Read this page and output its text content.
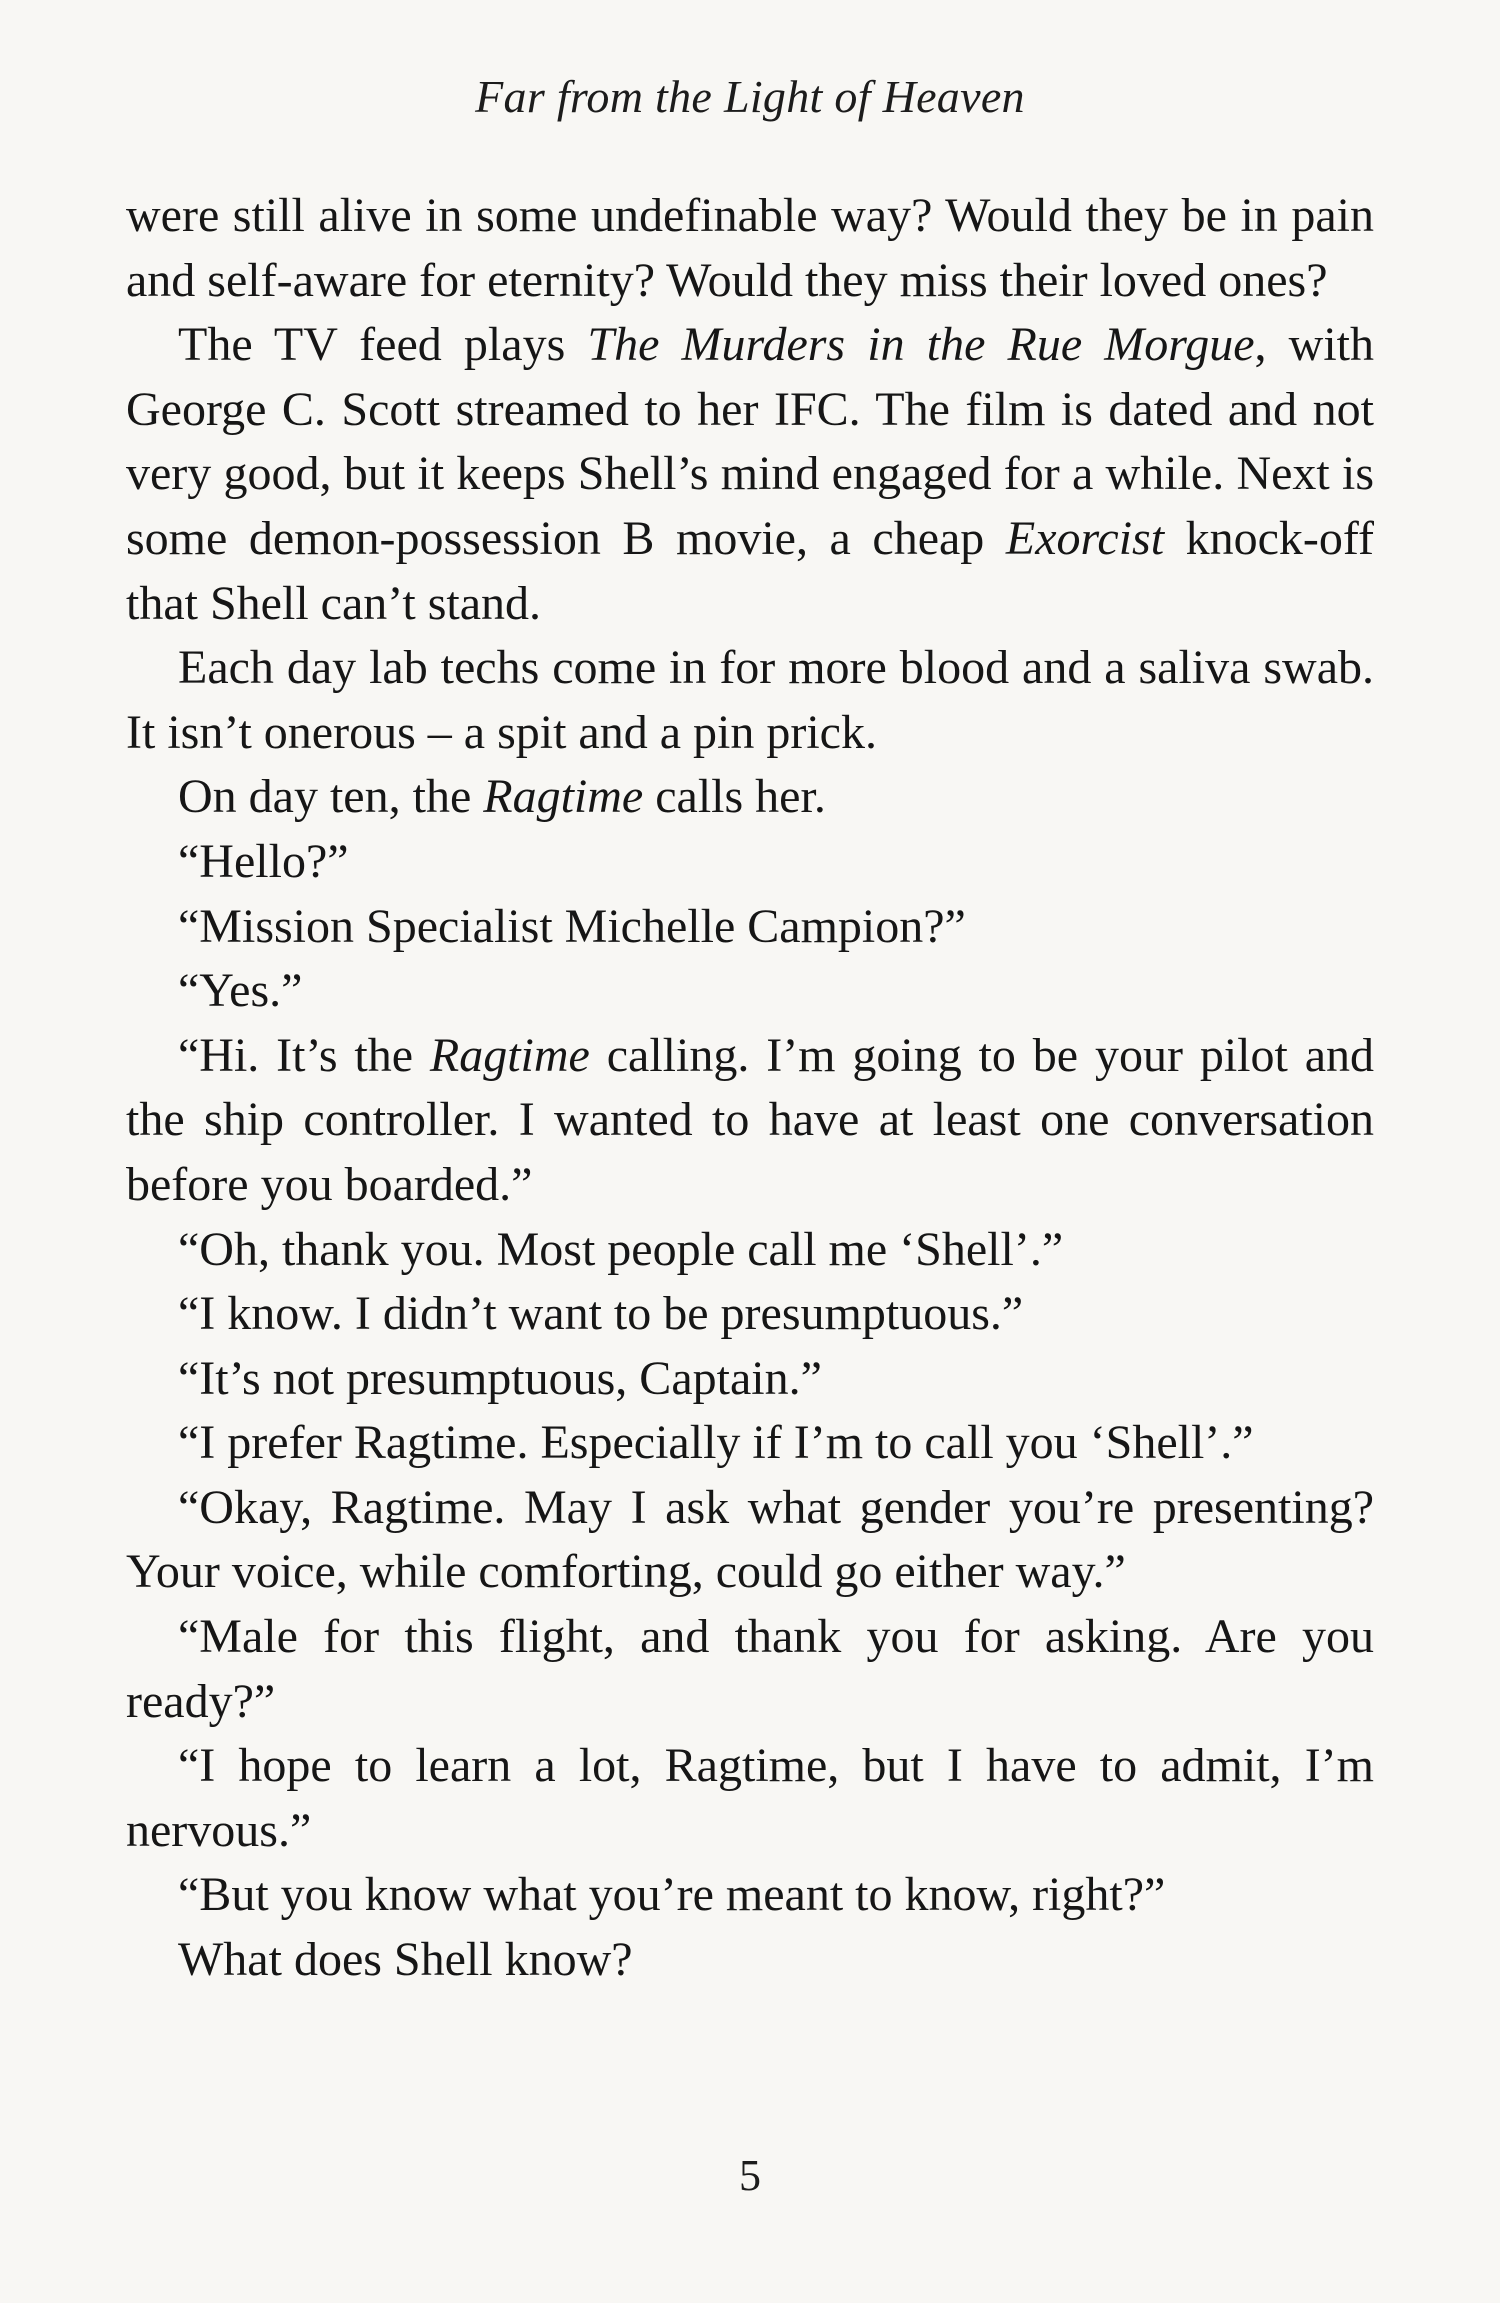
Far from the Light of Heaven

were still alive in some undefinable way? Would they be in pain and self-aware for eternity? Would they miss their loved ones?

The TV feed plays The Murders in the Rue Morgue, with George C. Scott streamed to her IFC. The film is dated and not very good, but it keeps Shell’s mind engaged for a while. Next is some demon-possession B movie, a cheap Exorcist knock-off that Shell can’t stand.

Each day lab techs come in for more blood and a saliva swab. It isn’t onerous – a spit and a pin prick.

On day ten, the Ragtime calls her.

“Hello?”

“Mission Specialist Michelle Campion?”

“Yes.”

“Hi. It’s the Ragtime calling. I’m going to be your pilot and the ship controller. I wanted to have at least one conversation before you boarded.”

“Oh, thank you. Most people call me ‘Shell’.”

“I know. I didn’t want to be presumptuous.”

“It’s not presumptuous, Captain.”

“I prefer Ragtime. Especially if I’m to call you ‘Shell’.”

“Okay, Ragtime. May I ask what gender you’re presenting? Your voice, while comforting, could go either way.”

“Male for this flight, and thank you for asking. Are you ready?”

“I hope to learn a lot, Ragtime, but I have to admit, I’m nervous.”

“But you know what you’re meant to know, right?”

What does Shell know?

5
